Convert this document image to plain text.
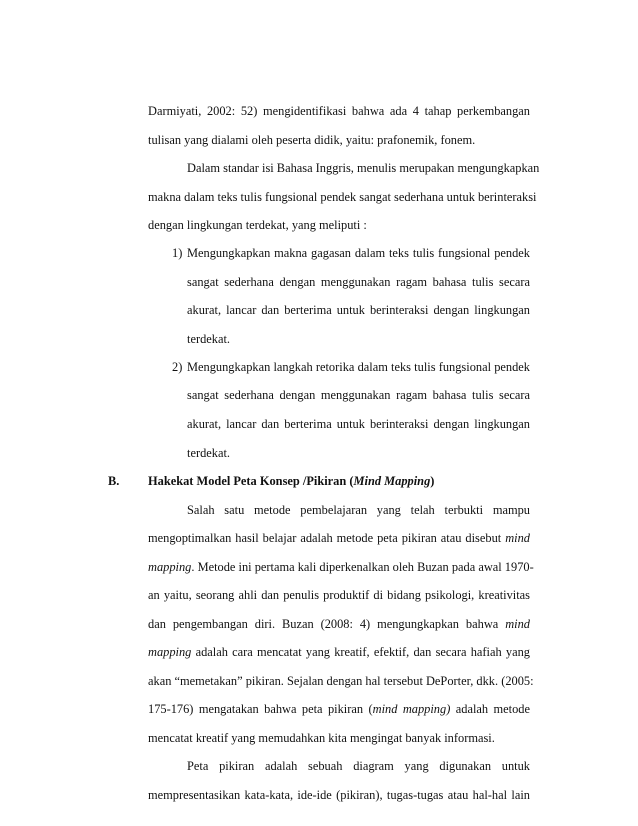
Darmiyati, 2002: 52) mengidentifikasi bahwa ada 4 tahap perkembangan
tulisan yang dialami oleh peserta didik, yaitu: prafonemik, fonem.
Dalam standar isi Bahasa Inggris, menulis merupakan mengungkapkan
makna dalam teks tulis fungsional pendek sangat sederhana untuk berinteraksi
dengan lingkungan terdekat, yang meliputi :
1) Mengungkapkan makna gagasan dalam teks tulis fungsional pendek
sangat sederhana dengan menggunakan ragam bahasa tulis secara
akurat, lancar dan berterima untuk berinteraksi dengan lingkungan
terdekat.
2) Mengungkapkan langkah retorika dalam teks tulis fungsional pendek
sangat sederhana dengan menggunakan ragam bahasa tulis secara
akurat, lancar dan berterima untuk berinteraksi dengan lingkungan
terdekat.
B. Hakekat Model Peta Konsep /Pikiran (Mind Mapping)
Salah satu metode pembelajaran yang telah terbukti mampu
mengoptimalkan hasil belajar adalah metode peta pikiran atau disebut mind
mapping. Metode ini pertama kali diperkenalkan oleh Buzan pada awal 1970-
an yaitu, seorang ahli dan penulis produktif di bidang psikologi, kreativitas
dan pengembangan diri. Buzan (2008: 4) mengungkapkan bahwa mind
mapping adalah cara mencatat yang kreatif, efektif, dan secara hafiah yang
akan “memetakan” pikiran. Sejalan dengan hal tersebut DePorter, dkk. (2005:
175-176) mengatakan bahwa peta pikiran (mind mapping) adalah metode
mencatat kreatif yang memudahkan kita mengingat banyak informasi.
Peta pikiran adalah sebuah diagram yang digunakan untuk
mempresentasikan kata-kata, ide-ide (pikiran), tugas-tugas atau hal-hal lain
